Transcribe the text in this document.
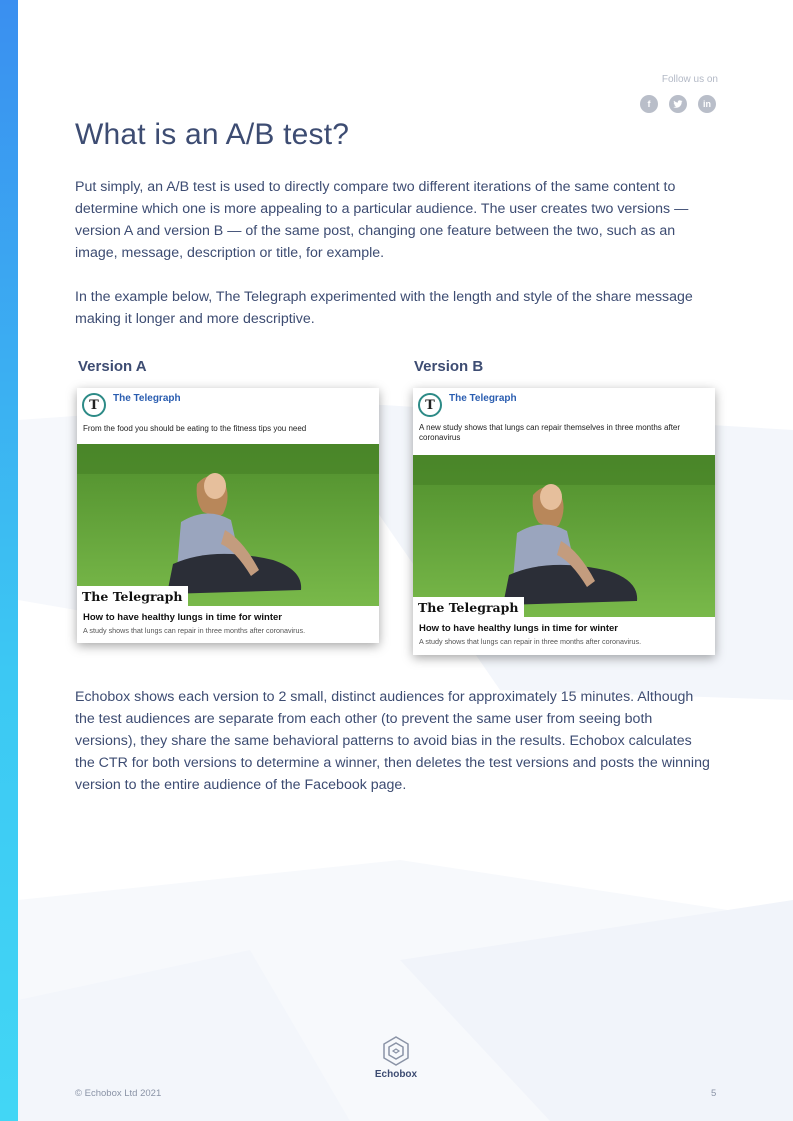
Follow us on
f	in
What is an A/B test?

Put simply, an A/B test is used to directly compare two different iterations of the same content to determine which one is more appealing to a particular audience. The user creates two versions — version A and version B — of the same post, changing one feature between the two, such as an image, message, description or title, for example.

In the example below, The Telegraph experimented with the length and style of the share message making it longer and more descriptive.

Version A	Version B
T	The Telegraph
From the food you should be eating to the fitness tips you need
The Telegraph
How to have healthy lungs in time for winter
A study shows that lungs can repair in three months after coronavirus.
T	The Telegraph
A new study shows that lungs can repair themselves in three months after coronavirus
The Telegraph
How to have healthy lungs in time for winter
A study shows that lungs can repair in three months after coronavirus.

Echobox shows each version to 2 small, distinct audiences for approximately 15 minutes. Although the test audiences are separate from each other (to prevent the same user from seeing both versions), they share the same behavioral patterns to avoid bias in the results. Echobox calculates the CTR for both versions to determine a winner, then deletes the test versions and posts the winning version to the entire audience of the Facebook page.

Echobox
© Echobox Ltd 2021	5
